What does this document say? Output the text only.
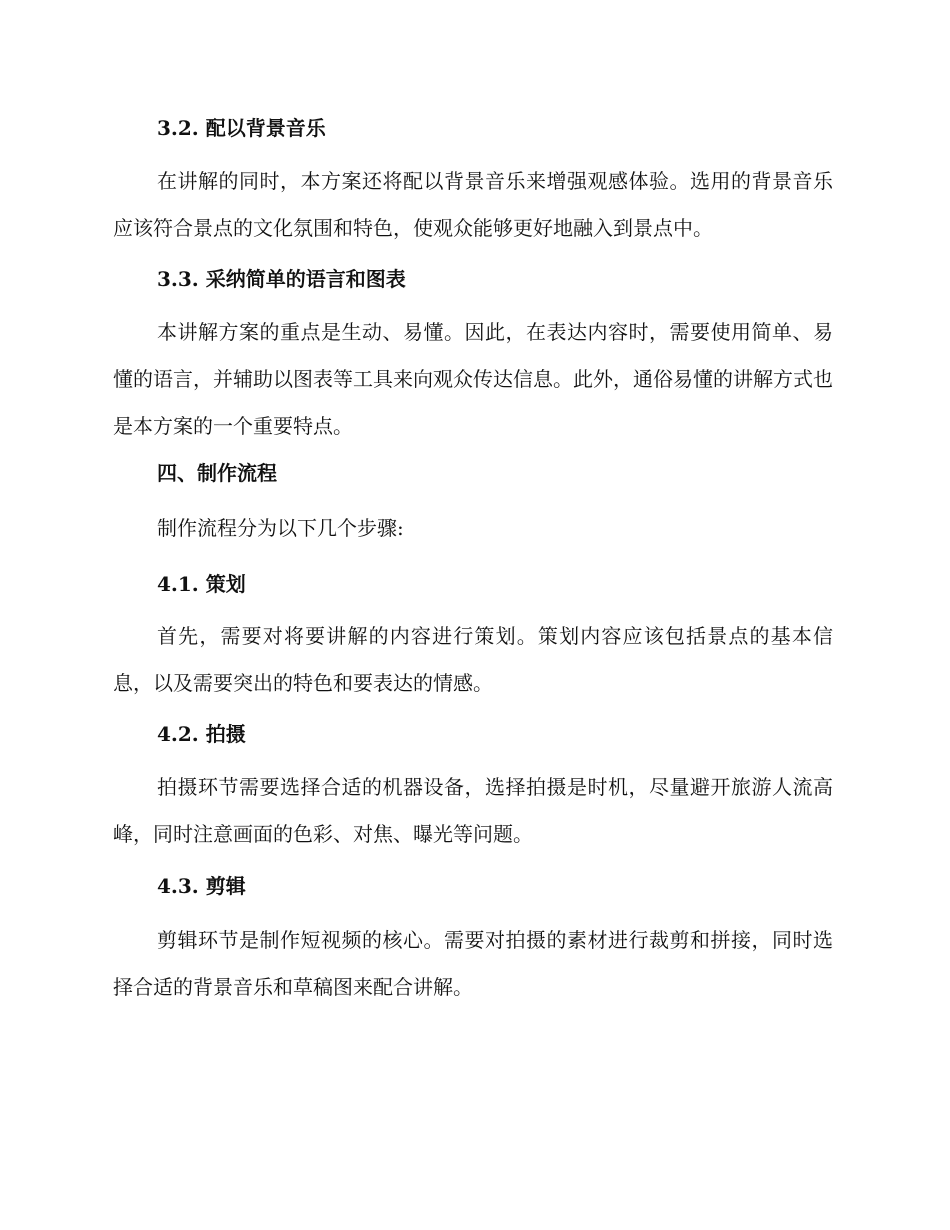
3.2. 配以背景音乐

在讲解的同时，本方案还将配以背景音乐来增强观感体验。选用的背景音乐应该符合景点的文化氛围和特色，使观众能够更好地融入到景点中。

3.3. 采纳简单的语言和图表

本讲解方案的重点是生动、易懂。因此，在表达内容时，需要使用简单、易懂的语言，并辅助以图表等工具来向观众传达信息。此外，通俗易懂的讲解方式也是本方案的一个重要特点。

四、制作流程

制作流程分为以下几个步骤:

4.1. 策划

首先，需要对将要讲解的内容进行策划。策划内容应该包括景点的基本信息，以及需要突出的特色和要表达的情感。

4.2. 拍摄

拍摄环节需要选择合适的机器设备，选择拍摄是时机，尽量避开旅游人流高峰，同时注意画面的色彩、对焦、曝光等问题。

4.3. 剪辑

剪辑环节是制作短视频的核心。需要对拍摄的素材进行裁剪和拼接，同时选择合适的背景音乐和草稿图来配合讲解。
